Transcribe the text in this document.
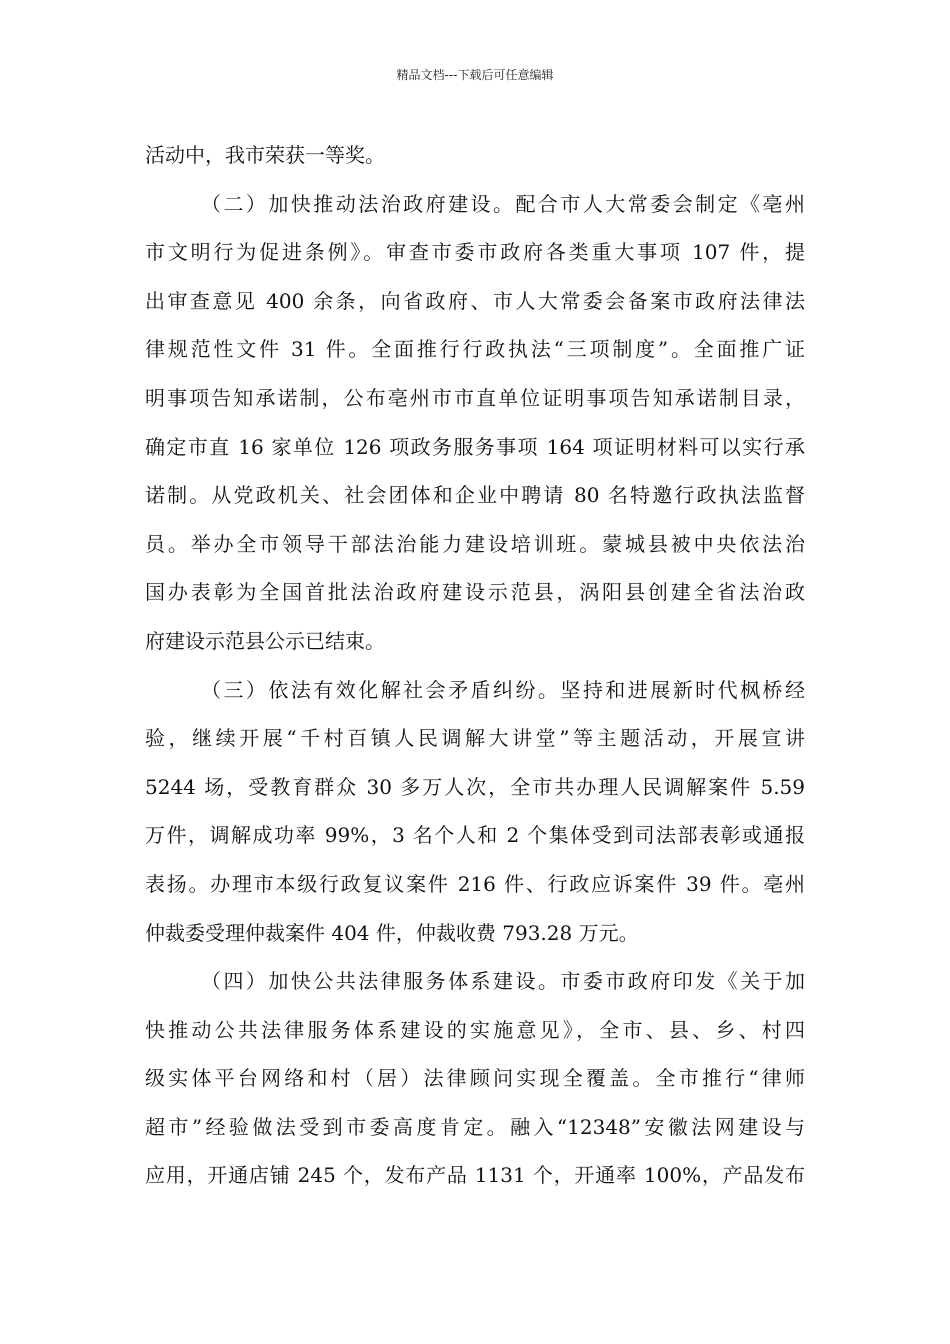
精品文档---下载后可任意编辑
活动中，我市荣获一等奖。
（二）加快推动法治政府建设。配合市人大常委会制定《亳州
市文明行为促进条例》。审查市委市政府各类重大事项 107 件，提
出审查意见 400 余条，向省政府、市人大常委会备案市政府法律法
律规范性文件 31 件。全面推行行政执法“三项制度”。全面推广证
明事项告知承诺制，公布亳州市市直单位证明事项告知承诺制目录，
确定市直 16 家单位 126 项政务服务事项 164 项证明材料可以实行承
诺制。从党政机关、社会团体和企业中聘请 80 名特邀行政执法监督
员。举办全市领导干部法治能力建设培训班。蒙城县被中央依法治
国办表彰为全国首批法治政府建设示范县，涡阳县创建全省法治政
府建设示范县公示已结束。
（三）依法有效化解社会矛盾纠纷。坚持和进展新时代枫桥经
验，继续开展“千村百镇人民调解大讲堂”等主题活动，开展宣讲
5244 场，受教育群众 30 多万人次，全市共办理人民调解案件 5.59
万件，调解成功率 99%，3 名个人和 2 个集体受到司法部表彰或通报
表扬。办理市本级行政复议案件 216 件、行政应诉案件 39 件。亳州
仲裁委受理仲裁案件 404 件，仲裁收费 793.28 万元。
（四）加快公共法律服务体系建设。市委市政府印发《关于加
快推动公共法律服务体系建设的实施意见》，全市、县、乡、村四
级实体平台网络和村（居）法律顾问实现全覆盖。全市推行“律师
超市”经验做法受到市委高度肯定。融入“12348”安徽法网建设与
应用，开通店铺 245 个，发布产品 1131 个，开通率 100%，产品发布
